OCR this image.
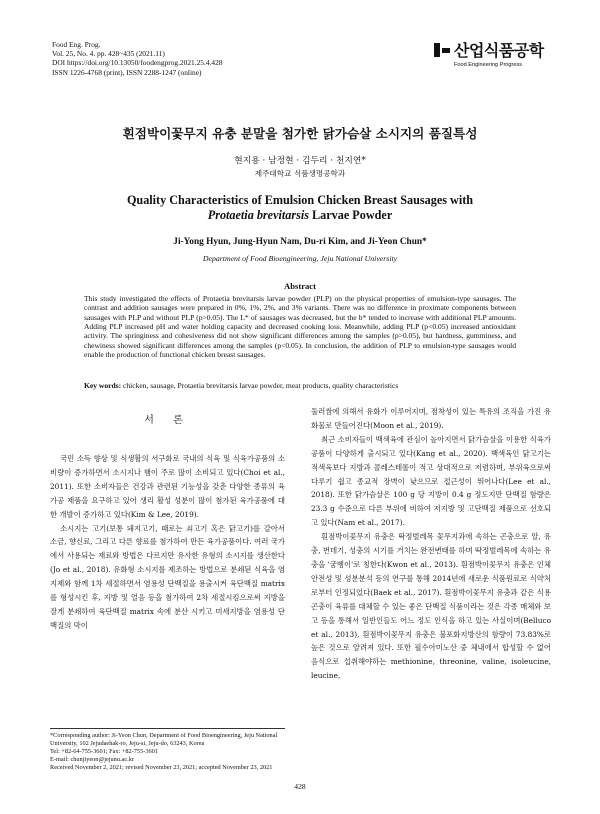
Food Eng. Prog.
Vol. 25, No. 4. pp. 428~435 (2021.11)
DOI https://doi.org/10.13050/foodengprog.2021.25.4.428
ISSN 1226-4768 (print), ISSN 2288-1247 (online)
산업식품공학
Food Engineering Progress
흰점박이꽃무지 유충 분말을 첨가한 닭가슴살 소시지의 품질특성
현지용 · 남정현 · 김두리 · 천지연*
제주대학교 식품생명공학과
Quality Characteristics of Emulsion Chicken Breast Sausages with
Protaetia brevitarsis Larvae Powder
Ji-Yong Hyun, Jung-Hyun Nam, Du-ri Kim, and Ji-Yeon Chun*
Department of Food Bioengineering, Jeju National University
Abstract
This study investigated the effects of Protaetia brevitarsis larvae powder (PLP) on the physical properties of emulsion-type sausages. The contrast and addition sausages were prepared in 0%, 1%, 2%, and 3% variants. There was no difference in proximate components between sausages with PLP and without PLP (p>0.05). The L* of sausages was decreased, but the b* tended to increase with additional PLP amounts. Adding PLP increased pH and water holding capacity and decreased cooking loss. Meanwhile, adding PLP (p<0.05) increased antioxidant activity. The springiness and cohesiveness did not show significant differences among the samples (p>0.05), but hardness, gumminess, and chewiness showed significant differences among the samples (p<0.05). In conclusion, the addition of PLP to emulsion-type sausages would enable the production of functional chicken breast sausages.
Key words: chicken, sausage, Protaetia brevitarsis larvae powder, meat products, quality characteristics
서 론

국민 소득 향상 및 식생활의 서구화로 국내의 식육 및 식육가공품의 소비량이 증가하면서 소시지나 햄이 주로 많이 소비되고 있다(Choi et al., 2011). 또한 소비자들은 건강과 관련된 기능성을 갖춘 다양한 종류의 육가공 제품을 요구하고 있어 생리 활성 성분이 많이 첨가된 육가공품에 대한 개발이 증가하고 있다(Kim & Lee, 2019).

소시지는 고기(보통 돼지고기, 때로는 쇠고기 혹은 닭고기)를 갈아서 소금, 향신료, 그리고 다른 향료를 첨가하여 만든 육가공품이다. 여러 국가에서 사용되는 재료와 방법은 다르지만 유사한 유형의 소시지를 생산한다(Jo et al., 2018). 유화형 소시지를 제조하는 방법으로 분쇄된 식육을 염지제와 함께 1차 세절하면서 염용성 단백질을 용출시켜 육단백질 matrix를 형성시킨 후, 지방 및 얼음 등을 첨가하여 2차 세절시킴으로써 지방을 잘게 분쇄하여 육단백질 matrix 속에 분산 시키고 미세지방을 염용성 단백질의 막이

둘러쌈에 의해서 유화가 이루어지며, 점착성이 있는 특유의 조직을 가진 유화물로 만들어진다(Moon et al., 2019).

최근 소비자들이 백색육에 관심이 높아지면서 닭가슴살을 이용한 식육가공품이 다양하게 출시되고 있다(Kang et al., 2020). 백색육인 닭고기는 적색육보다 지방과 콜레스테롤이 적고 상대적으로 저렴하며, 부위육으로써 다루기 쉽고 종교적 장벽이 낮으므로 접근성이 뛰어나다(Lee et al., 2018). 또한 닭가슴살은 100 g 당 지방이 0.4 g 정도지만 단백질 함량은 23.3 g 수준으로 다른 부위에 비하여 저지방 및 고단백질 제품으로 선호되고 있다(Nam et al., 2017).

흰점박이꽃무지 유충은 딱정벌레목 꽃무지과에 속하는 곤충으로 알, 유충, 번데기, 성충의 시기를 거치는 완전변태를 하며 딱정벌레목에 속하는 유충을 '굼벵이'로 칭한다(Kwon et al., 2013). 흰점박이꽃무지 유충은 인체 안전성 및 성분분석 등의 연구를 통해 2014년에 새로운 식품원료로 식약처로부터 인정되었다(Baek et al., 2017). 흰점박이꽃무지 유충과 같은 식용곤충이 육류를 대체할 수 있는 좋은 단백질 식품이라는 것은 각종 매체와 보고 등을 통해서 일반인들도 어느 정도 인식을 하고 있는 사실이며(Belluco et al., 2013), 흰점박이꽃무지 유충은 불포화지방산의 함량이 73.83%로 높은 것으로 알려져 있다. 또한 필수아미노산 중 체내에서 합성할 수 없어 음식으로 섭취해야하는 methionine, threonine, valine, isoleucine, leucine,

*Corresponding author: Ji-Yeon Chun, Department of Food Bioengineering, Jeju National University, 102 Jejudaehak-ro, Jeju-si, Jeju-do, 63243, Korea
Tel: +82-64-755-3601; Fax: +82-755-3601
E-mail: chunjiyeon@jejunu.ac.kr
Received November 2, 2021; revised November 23, 2021; accepted November 23, 2021
428
